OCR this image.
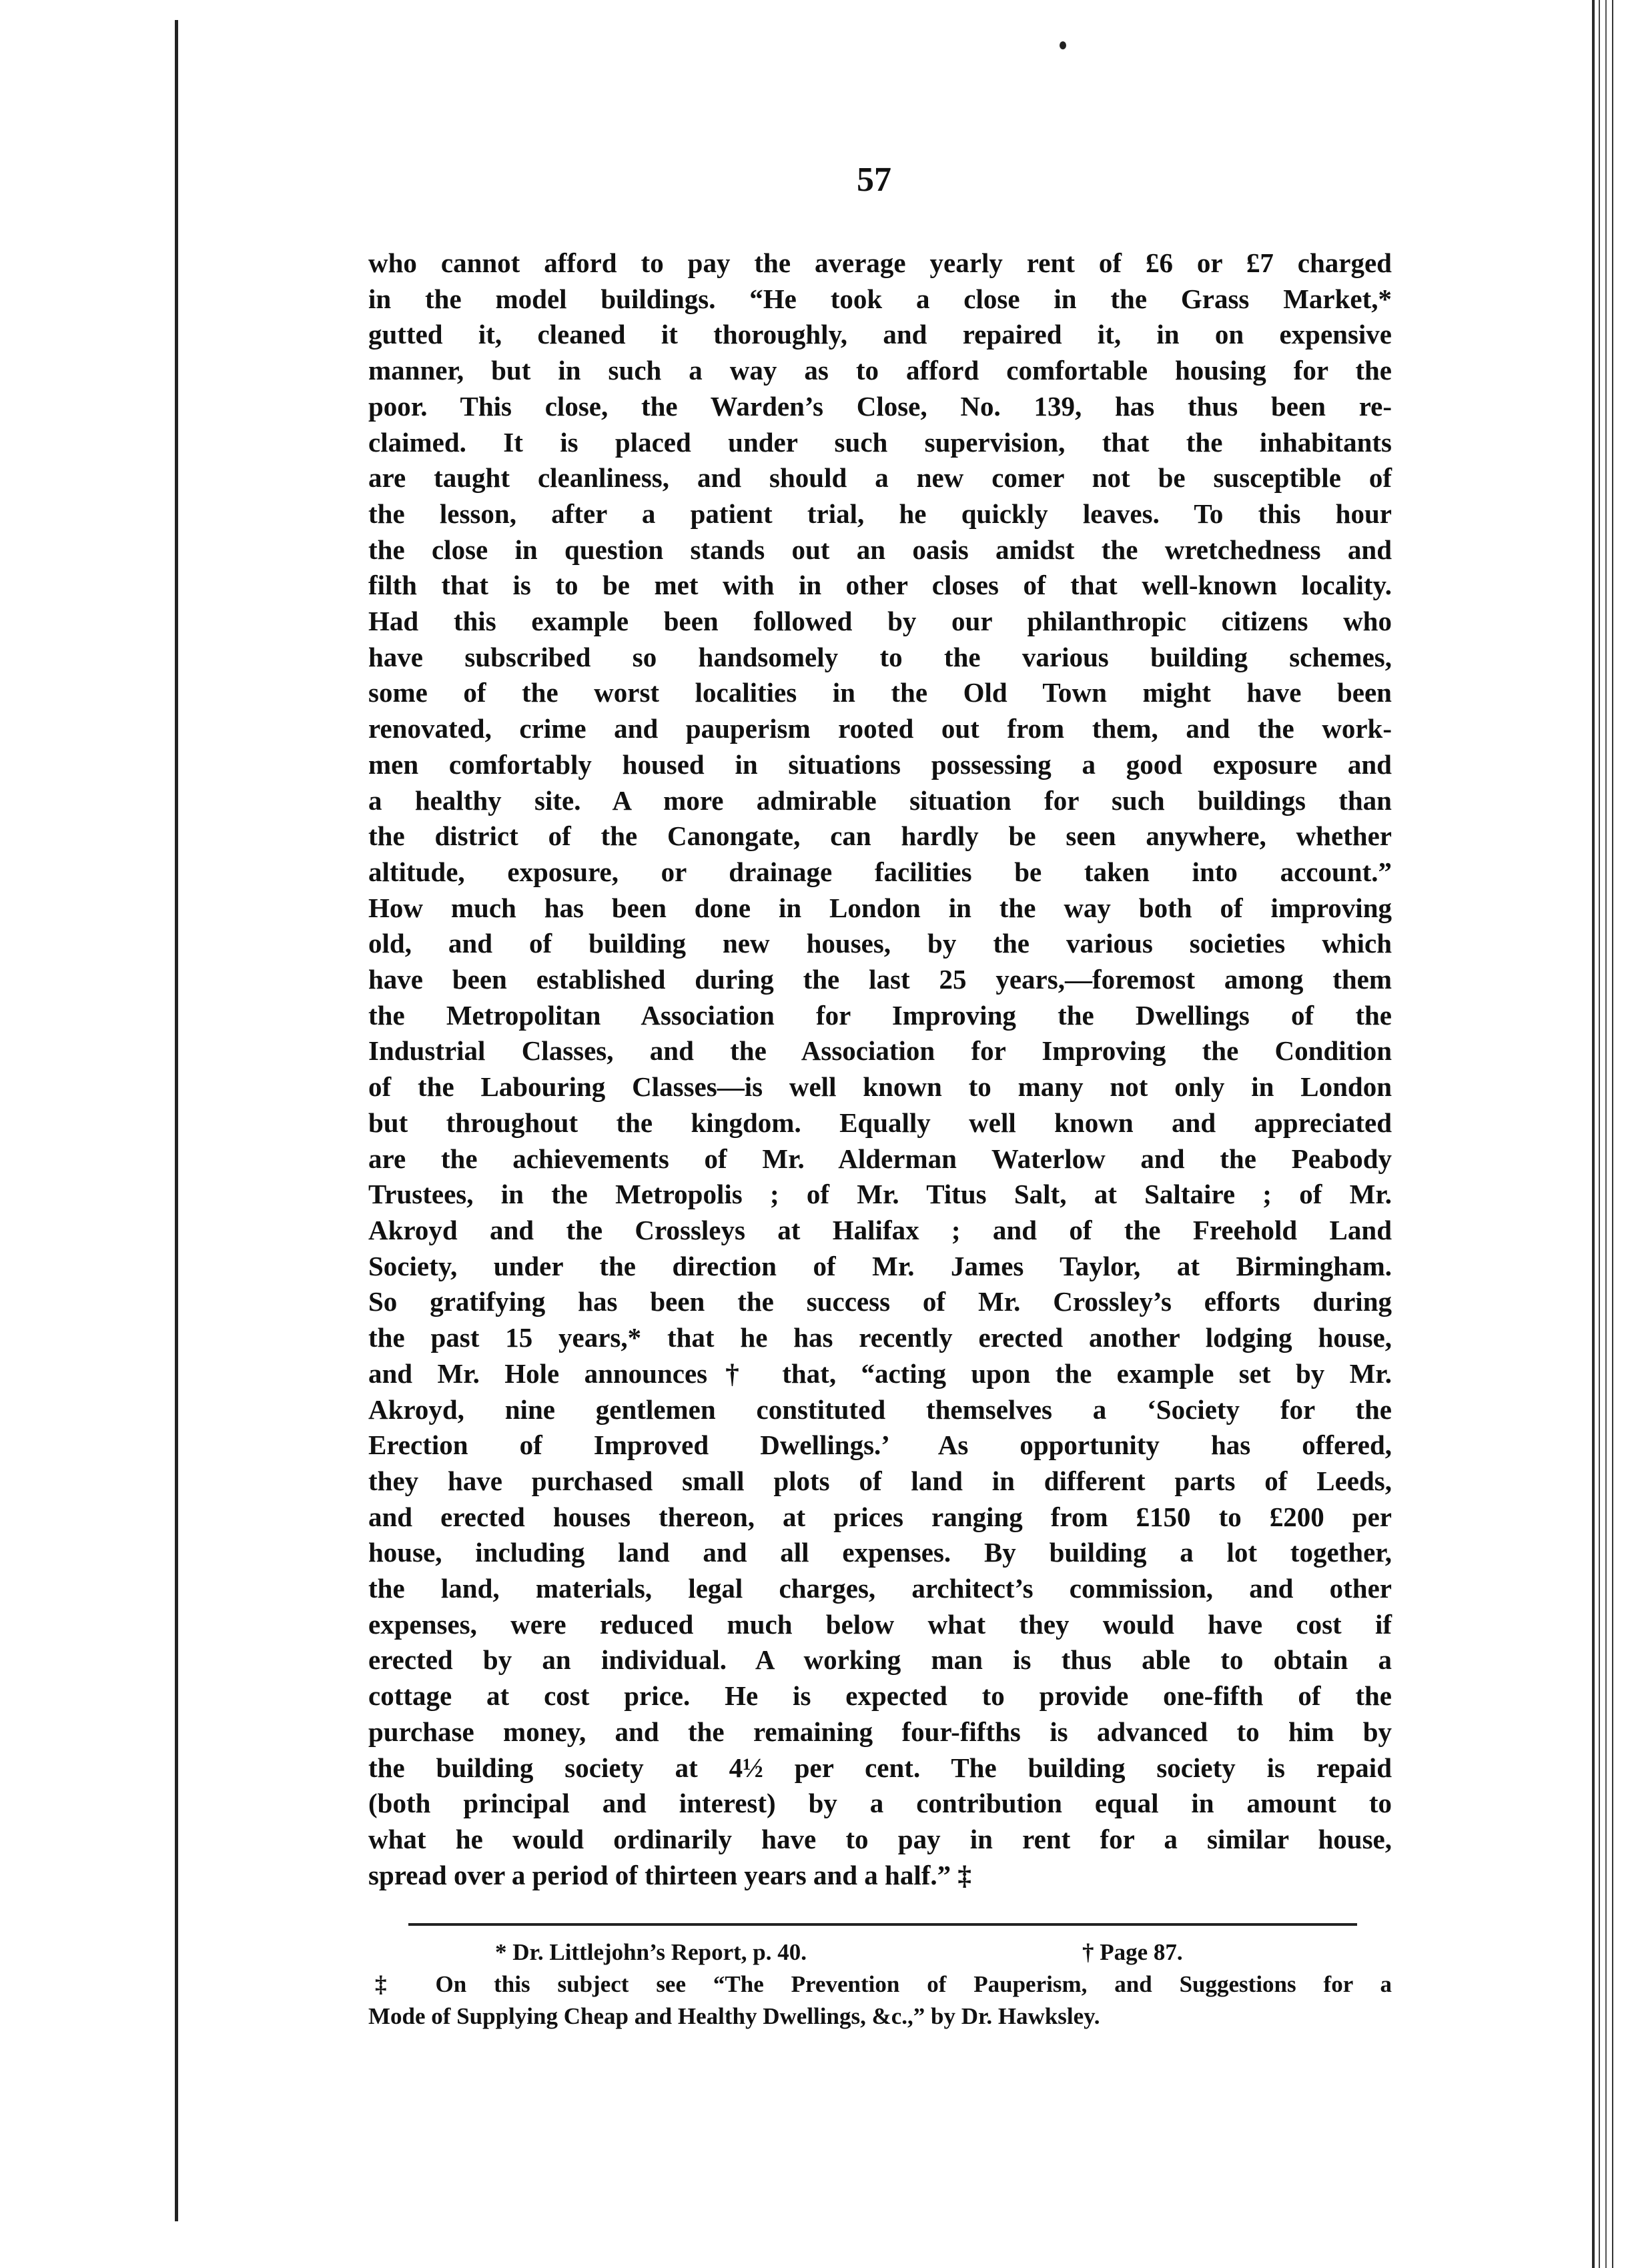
57
who cannot afford to pay the average yearly rent of £6 or £7 charged
in the model buildings. “He took a close in the Grass Market,*
gutted it, cleaned it thoroughly, and repaired it, in on expensive
manner, but in such a way as to afford comfortable housing for the
poor. This close, the Warden’s Close, No. 139, has thus been re-
claimed. It is placed under such supervision, that the inhabitants
are taught cleanliness, and should a new comer not be susceptible of
the lesson, after a patient trial, he quickly leaves. To this hour
the close in question stands out an oasis amidst the wretchedness and
filth that is to be met with in other closes of that well-known locality.
Had this example been followed by our philanthropic citizens who
have subscribed so handsomely to the various building schemes,
some of the worst localities in the Old Town might have been
renovated, crime and pauperism rooted out from them, and the work-
men comfortably housed in situations possessing a good exposure and
a healthy site. A more admirable situation for such buildings than
the district of the Canongate, can hardly be seen anywhere, whether
altitude, exposure, or drainage facilities be taken into account.”
How much has been done in London in the way both of improving
old, and of building new houses, by the various societies which
have been established during the last 25 years,—foremost among them
the Metropolitan Association for Improving the Dwellings of the
Industrial Classes, and the Association for Improving the Condition
of the Labouring Classes—is well known to many not only in London
but throughout the kingdom. Equally well known and appreciated
are the achievements of Mr. Alderman Waterlow and the Peabody
Trustees, in the Metropolis ; of Mr. Titus Salt, at Saltaire ; of Mr.
Akroyd and the Crossleys at Halifax ; and of the Freehold Land
Society, under the direction of Mr. James Taylor, at Birmingham.
So gratifying has been the success of Mr. Crossley’s efforts during
the past 15 years,* that he has recently erected another lodging house,
and Mr. Hole announces† that, “acting upon the example set by Mr.
Akroyd, nine gentlemen constituted themselves a ‘Society for the
Erection of Improved Dwellings.’ As opportunity has offered,
they have purchased small plots of land in different parts of Leeds,
and erected houses thereon, at prices ranging from £150 to £200 per
house, including land and all expenses. By building a lot together,
the land, materials, legal charges, architect’s commission, and other
expenses, were reduced much below what they would have cost if
erected by an individual. A working man is thus able to obtain a
cottage at cost price. He is expected to provide one-fifth of the
purchase money, and the remaining four-fifths is advanced to him by
the building society at 4½ per cent. The building society is repaid
(both principal and interest) by a contribution equal in amount to
what he would ordinarily have to pay in rent for a similar house,
spread over a period of thirteen years and a half.” ‡
* Dr. Littlejohn’s Report, p. 40.	† Page 87.
‡ On this subject see “The Prevention of Pauperism, and Suggestions for a
Mode of Supplying Cheap and Healthy Dwellings, &c.,” by Dr. Hawksley.
